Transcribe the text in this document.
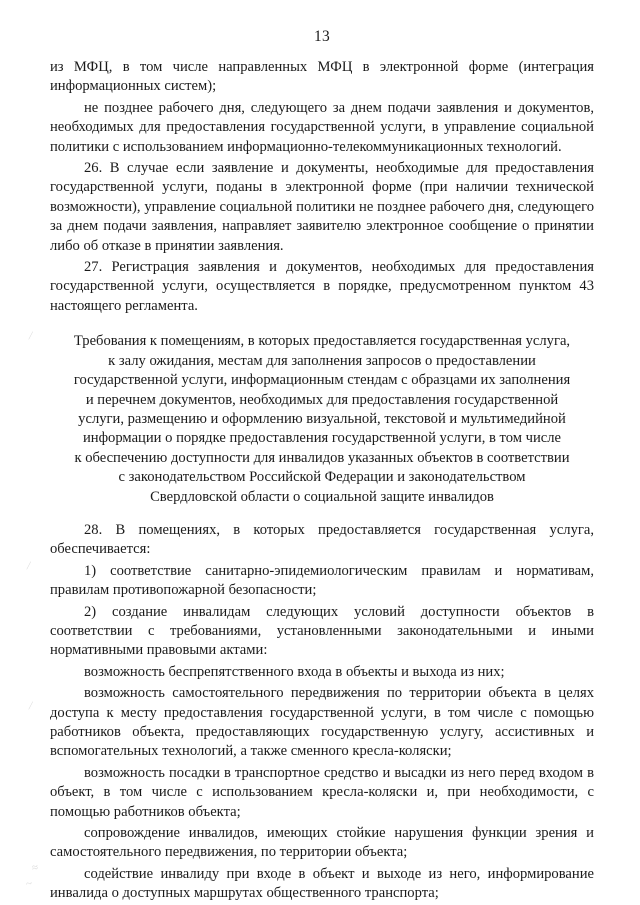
13

из МФЦ, в том числе направленных МФЦ в электронной форме (интеграция информационных систем);

не позднее рабочего дня, следующего за днем подачи заявления и документов, необходимых для предоставления государственной услуги, в управление социальной политики с использованием информационно-телекоммуникационных технологий.

26. В случае если заявление и документы, необходимые для предоставления государственной услуги, поданы в электронной форме (при наличии технической возможности), управление социальной политики не позднее рабочего дня, следующего за днем подачи заявления, направляет заявителю электронное сообщение о принятии либо об отказе в принятии заявления.

27. Регистрация заявления и документов, необходимых для предоставления государственной услуги, осуществляется в порядке, предусмотренном пунктом 43 настоящего регламента.

Требования к помещениям, в которых предоставляется государственная услуга,

к залу ожидания, местам для заполнения запросов о предоставлении

государственной услуги, информационным стендам с образцами их заполнения

и перечнем документов, необходимых для предоставления государственной

услуги, размещению и оформлению визуальной, текстовой и мультимедийной

информации о порядке предоставления государственной услуги, в том числе

к обеспечению доступности для инвалидов указанных объектов в соответствии

с законодательством Российской Федерации и законодательством

Свердловской области о социальной защите инвалидов

28. В помещениях, в которых предоставляется государственная услуга, обеспечивается:

1) соответствие санитарно-эпидемиологическим правилам и нормативам, правилам противопожарной безопасности;

2) создание инвалидам следующих условий доступности объектов в соответствии с требованиями, установленными законодательными и иными нормативными правовыми актами:

возможность беспрепятственного входа в объекты и выхода из них;

возможность самостоятельного передвижения по территории объекта в целях доступа к месту предоставления государственной услуги, в том числе с помощью работников объекта, предоставляющих государственную услугу, ассистивных и вспомогательных технологий, а также сменного кресла-коляски;

возможность посадки в транспортное средство и высадки из него перед входом в объект, в том числе с использованием кресла-коляски и, при необходимости, с помощью работников объекта;

сопровождение инвалидов, имеющих стойкие нарушения функции зрения и самостоятельного передвижения, по территории объекта;

содействие инвалиду при входе в объект и выходе из него, информирование инвалида о доступных маршрутах общественного транспорта;

⁄
⁄
⁄
≈
~
